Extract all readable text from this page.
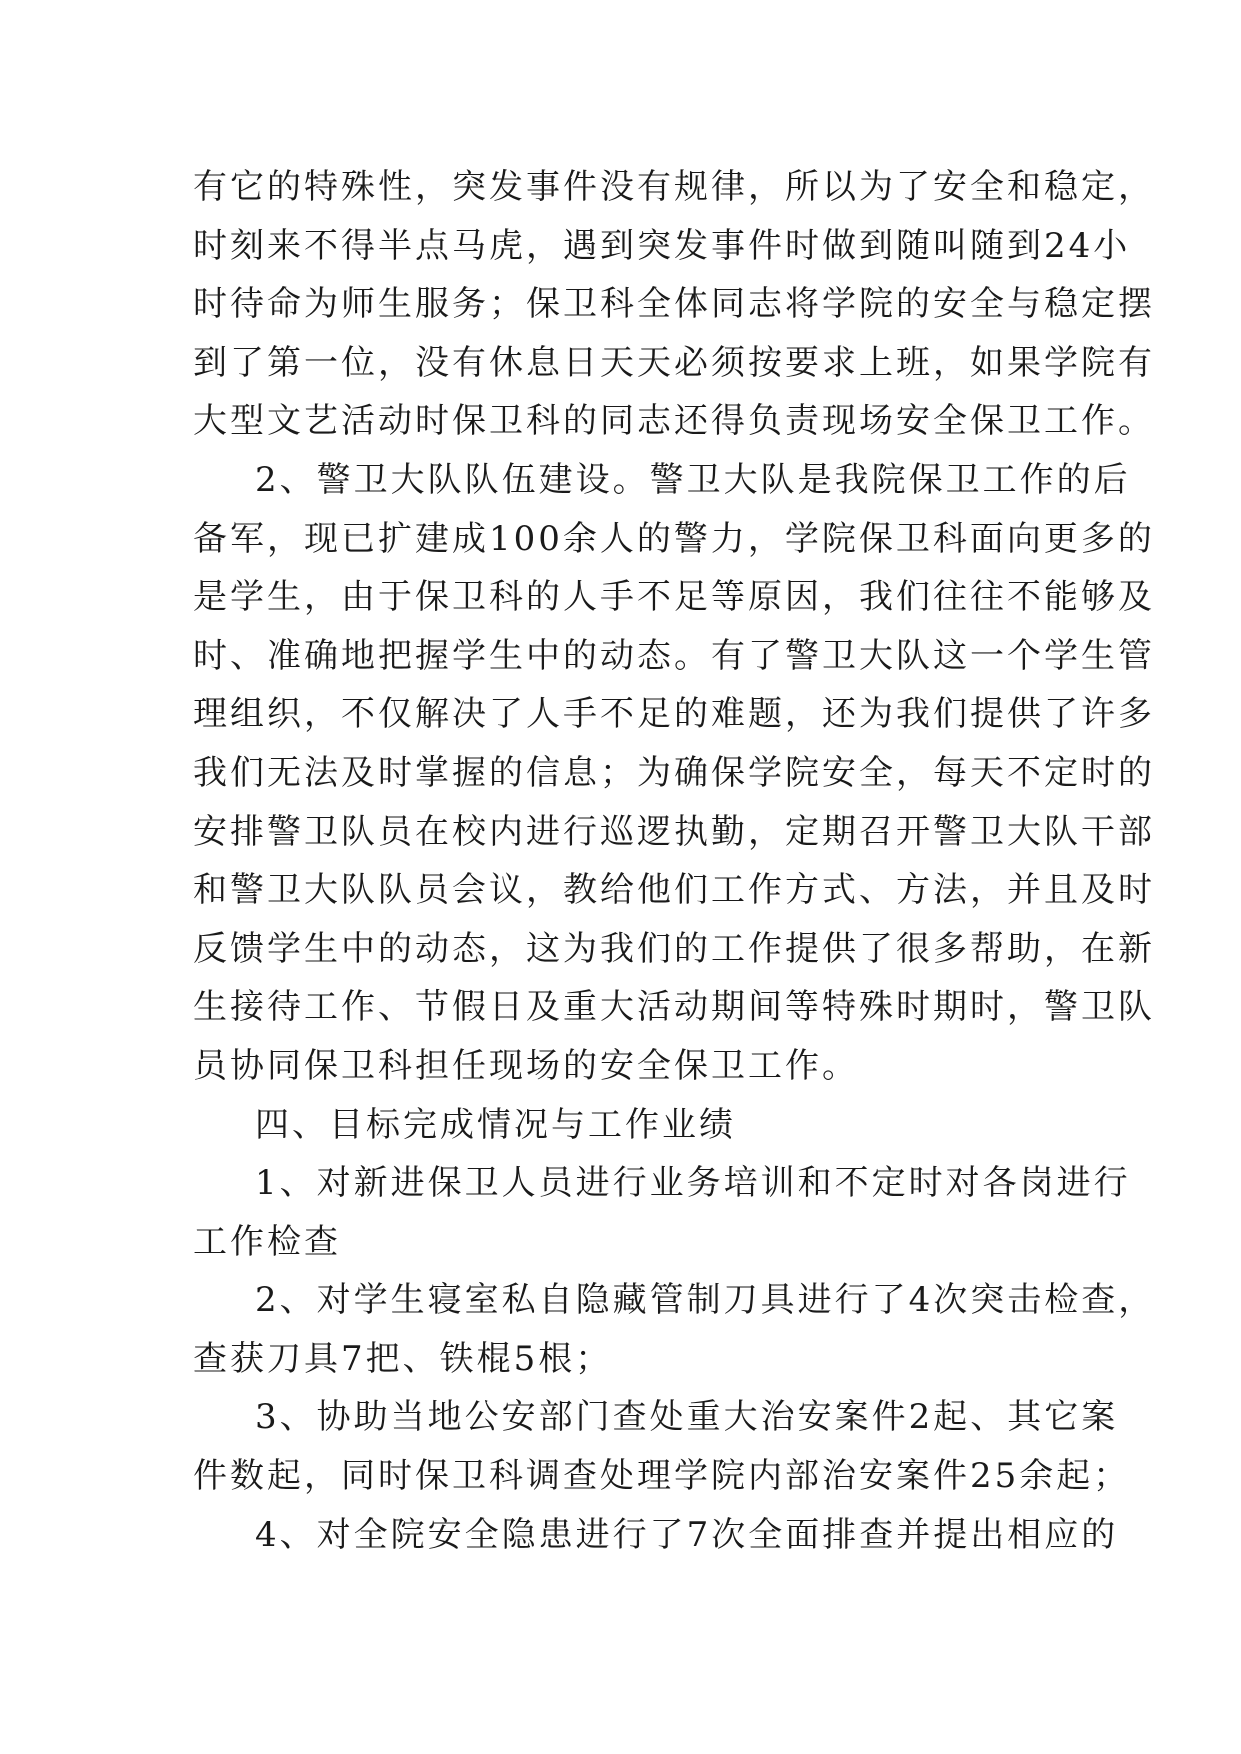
有它的特殊性，突发事件没有规律，所以为了安全和稳定，
时刻来不得半点马虎，遇到突发事件时做到随叫随到24小
时待命为师生服务；保卫科全体同志将学院的安全与稳定摆
到了第一位，没有休息日天天必须按要求上班，如果学院有
大型文艺活动时保卫科的同志还得负责现场安全保卫工作。
2、警卫大队队伍建设。警卫大队是我院保卫工作的后
备军，现已扩建成100余人的警力，学院保卫科面向更多的
是学生，由于保卫科的人手不足等原因，我们往往不能够及
时、准确地把握学生中的动态。有了警卫大队这一个学生管
理组织，不仅解决了人手不足的难题，还为我们提供了许多
我们无法及时掌握的信息；为确保学院安全，每天不定时的
安排警卫队员在校内进行巡逻执勤，定期召开警卫大队干部
和警卫大队队员会议，教给他们工作方式、方法，并且及时
反馈学生中的动态，这为我们的工作提供了很多帮助，在新
生接待工作、节假日及重大活动期间等特殊时期时，警卫队
员协同保卫科担任现场的安全保卫工作。
四、目标完成情况与工作业绩
1、对新进保卫人员进行业务培训和不定时对各岗进行
工作检查
2、对学生寝室私自隐藏管制刀具进行了4次突击检查，
查获刀具7把、铁棍5根；
3、协助当地公安部门查处重大治安案件2起、其它案
件数起，同时保卫科调查处理学院内部治安案件25余起；
4、对全院安全隐患进行了7次全面排查并提出相应的
